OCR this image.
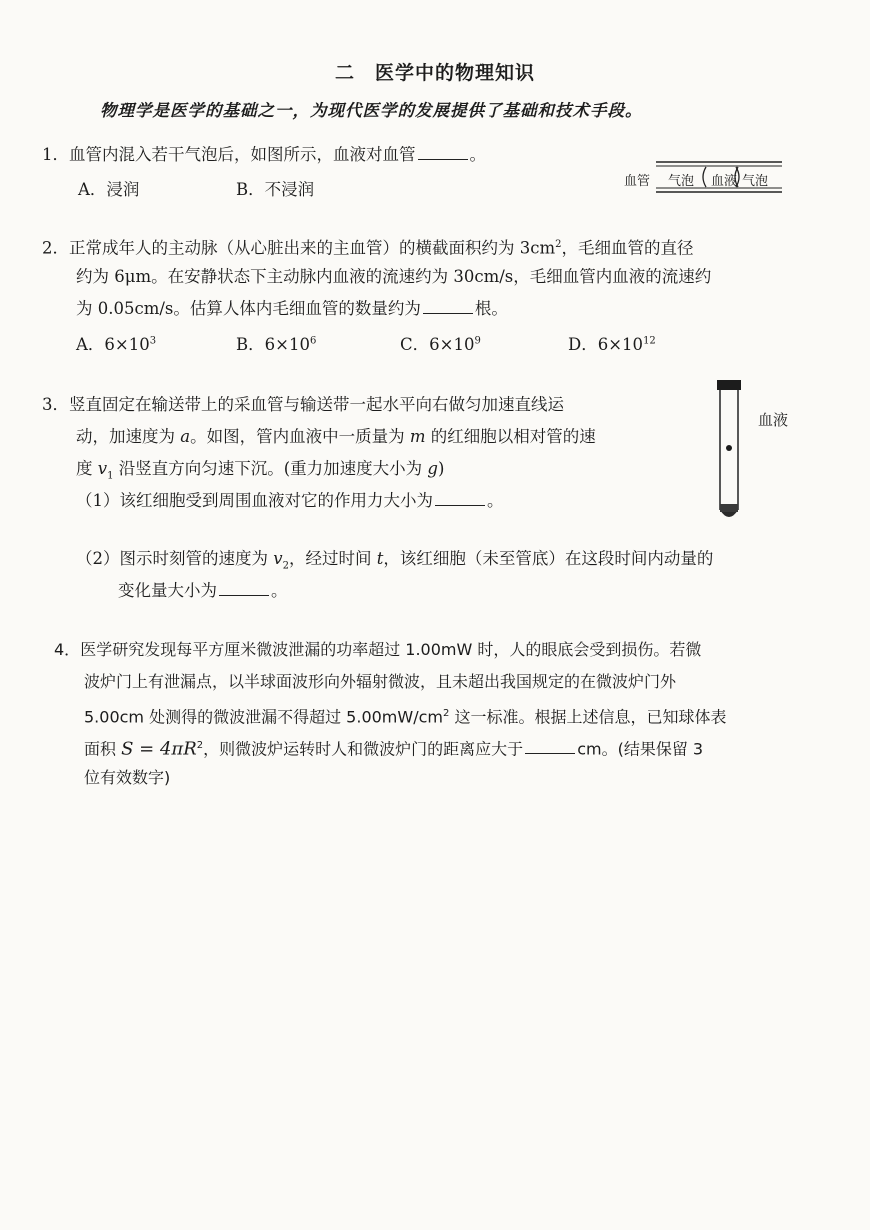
二　医学中的物理知识
物理学是医学的基础之一，为现代医学的发展提供了基础和技术手段。
1．血管内混入若干气泡后，如图所示，血液对血管	。
A．浸润	B．不浸润	血管 气泡 血液 气泡
2．正常成年人的主动脉（从心脏出来的主血管）的横截面积约为 $3cm^2$，毛细血管的直径
约为 6μm。在安静状态下主动脉内血液的流速约为 30cm/s，毛细血管内血液的流速约
为 0.05cm/s。估算人体内毛细血管的数量约为	根。
A．$6\times 10^3$	B．$6\times 10^6$	C．$6\times 10^9$	D．$6\times 10^{12}$
3．竖直固定在输送带上的采血管与输送带一起水平向右做匀加速直线运
动，加速度为 a。如图，管内血液中一质量为 m 的红细胞以相对管的速
度 $v_1$ 沿竖直方向匀速下沉。(重力加速度大小为 g)
（1）该红细胞受到周围血液对它的作用力大小为	。
（2）图示时刻管的速度为 $v_2$，经过时间 t，该红细胞（未至管底）在这段时间内动量的
变化量大小为	。
血液
4．医学研究发现每平方厘米微波泄漏的功率超过 1.00mW 时，人的眼底会受到损伤。若微
波炉门上有泄漏点，以半球面波形向外辐射微波，且未超出我国规定的在微波炉门外
5.00cm 处测得的微波泄漏不得超过 $5.00mW/cm^2$ 这一标准。根据上述信息，已知球体表
面积 $S = 4\pi R^2$，则微波炉运转时人和微波炉门的距离应大于	cm。(结果保留 3
位有效数字)
